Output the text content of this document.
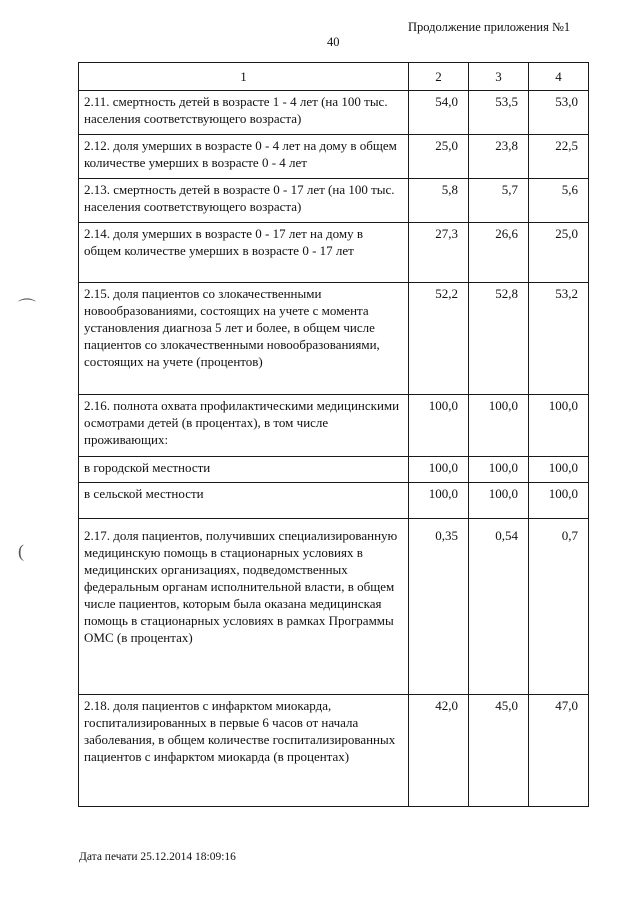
Продолжение приложения №1
40
⌒
(
1	2	3	4
2.11. смертность детей в возрасте 1 - 4 лет (на 100 тыс. населения соответствующего возраста)	54,0	53,5	53,0
2.12. доля умерших в возрасте 0 - 4 лет на дому в общем количестве умерших в возрасте 0 - 4 лет	25,0	23,8	22,5
2.13. смертность детей в возрасте 0 - 17 лет (на 100 тыс. населения соответствующего возраста)	5,8	5,7	5,6
2.14. доля умерших в возрасте 0 - 17 лет на дому в общем количестве умерших в возрасте 0 - 17 лет	27,3	26,6	25,0
2.15. доля пациентов со злокачественными новообразованиями, состоящих на учете с момента установления диагноза 5 лет и более, в общем числе пациентов со злокачественными новообразованиями, состоящих на учете (процентов)	52,2	52,8	53,2
2.16. полнота охвата профилактическими медицинскими осмотрами детей (в процентах), в том числе проживающих:	100,0	100,0	100,0
в городской местности	100,0	100,0	100,0
в сельской местности	100,0	100,0	100,0
2.17. доля пациентов, получивших специализированную медицинскую помощь в стационарных условиях в медицинских организациях, подведомственных федеральным органам исполнительной власти, в общем числе пациентов, которым была оказана медицинская помощь в стационарных условиях в рамках Программы ОМС (в процентах)	0,35	0,54	0,7
2.18. доля пациентов с инфарктом миокарда, госпитализированных в первые 6 часов от начала заболевания, в общем количестве госпитализированных пациентов с инфарктом миокарда (в процентах)	42,0	45,0	47,0
Дата печати 25.12.2014 18:09:16
